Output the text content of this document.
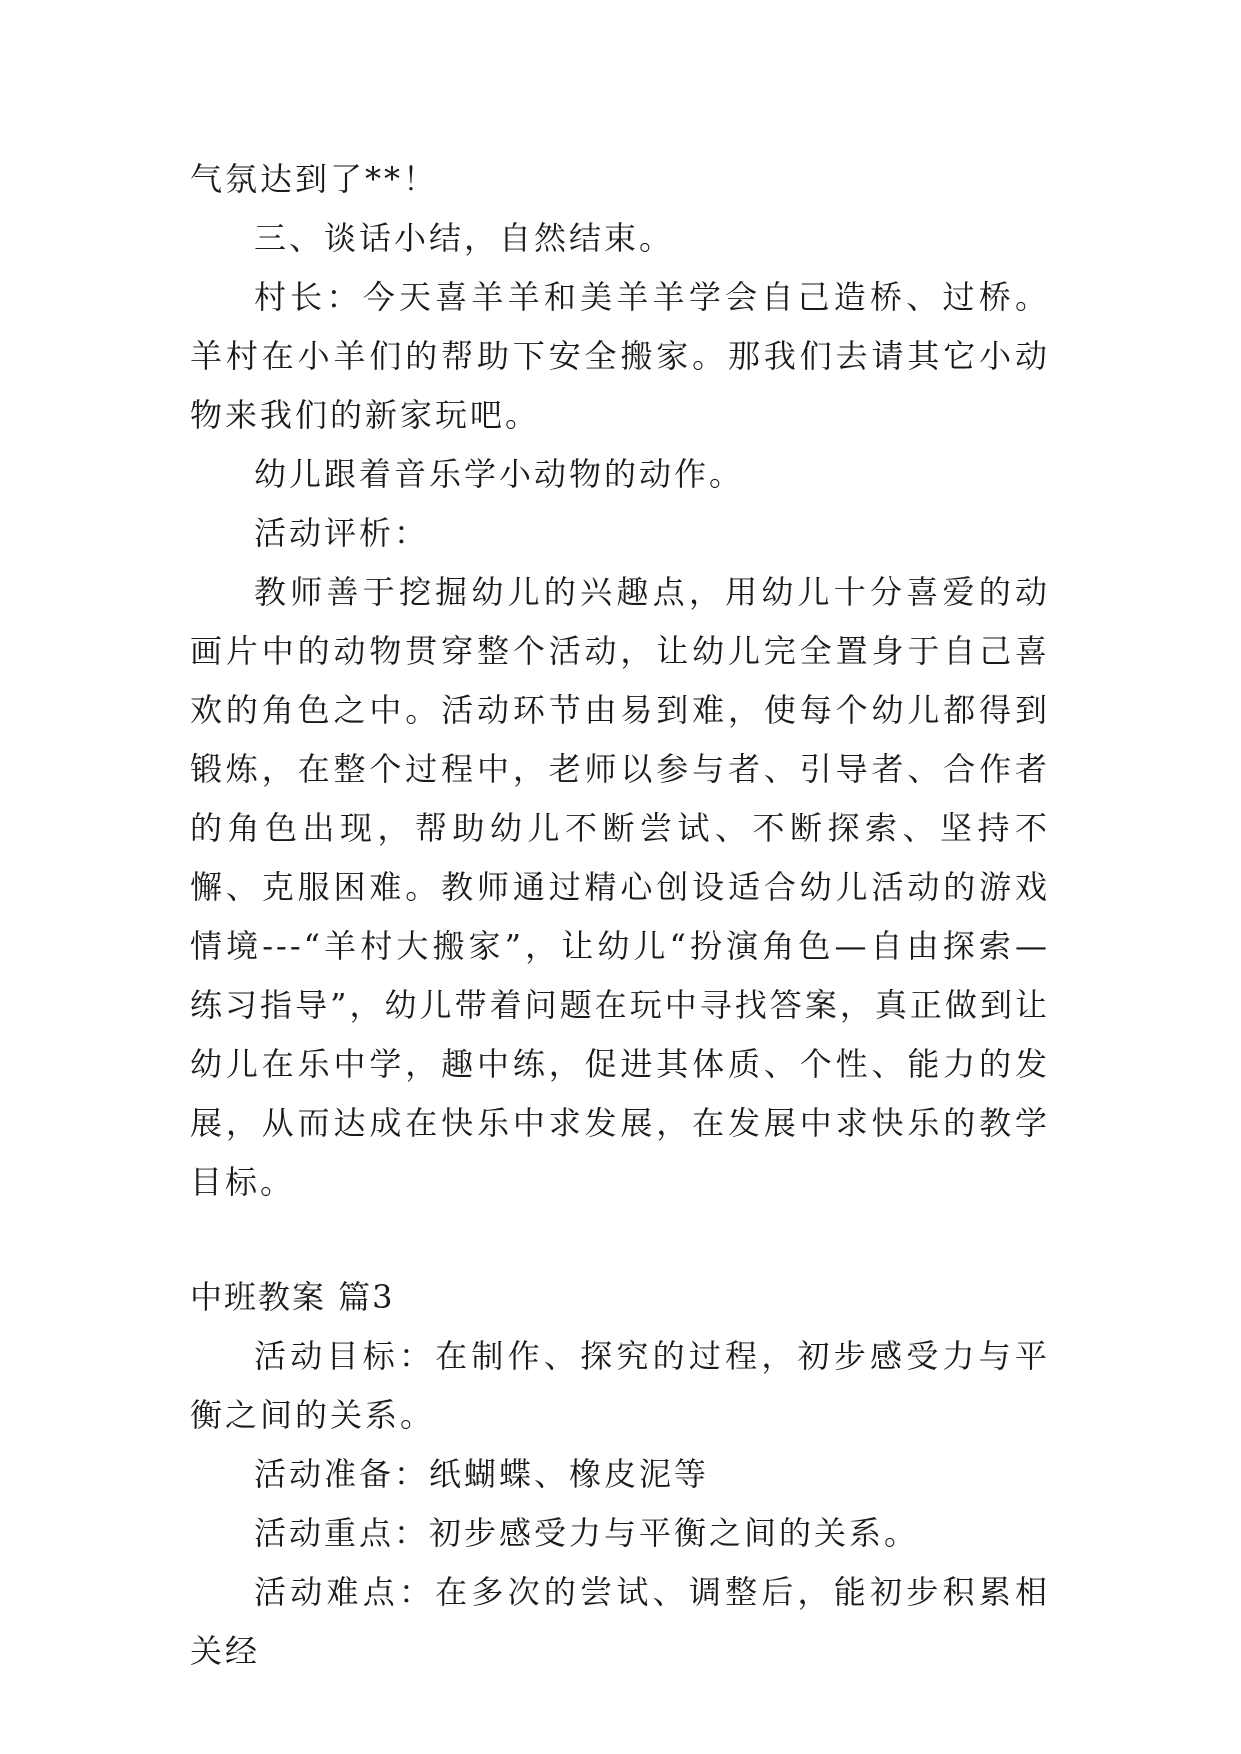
气氛达到了**！

三、谈话小结，自然结束。

村长：今天喜羊羊和美羊羊学会自己造桥、过桥。羊村在小羊们的帮助下安全搬家。那我们去请其它小动物来我们的新家玩吧。

幼儿跟着音乐学小动物的动作。

活动评析：

教师善于挖掘幼儿的兴趣点，用幼儿十分喜爱的动画片中的动物贯穿整个活动，让幼儿完全置身于自己喜欢的角色之中。活动环节由易到难，使每个幼儿都得到锻炼，在整个过程中，老师以参与者、引导者、合作者的角色出现，帮助幼儿不断尝试、不断探索、坚持不懈、克服困难。教师通过精心创设适合幼儿活动的游戏情境---“羊村大搬家”，让幼儿“扮演角色—自由探索—练习指导”，幼儿带着问题在玩中寻找答案，真正做到让幼儿在乐中学，趣中练，促进其体质、个性、能力的发展，从而达成在快乐中求发展，在发展中求快乐的教学目标。

中班教案 篇3

活动目标：在制作、探究的过程，初步感受力与平衡之间的关系。

活动准备：纸蝴蝶、橡皮泥等

活动重点：初步感受力与平衡之间的关系。

活动难点：在多次的尝试、调整后，能初步积累相关经
